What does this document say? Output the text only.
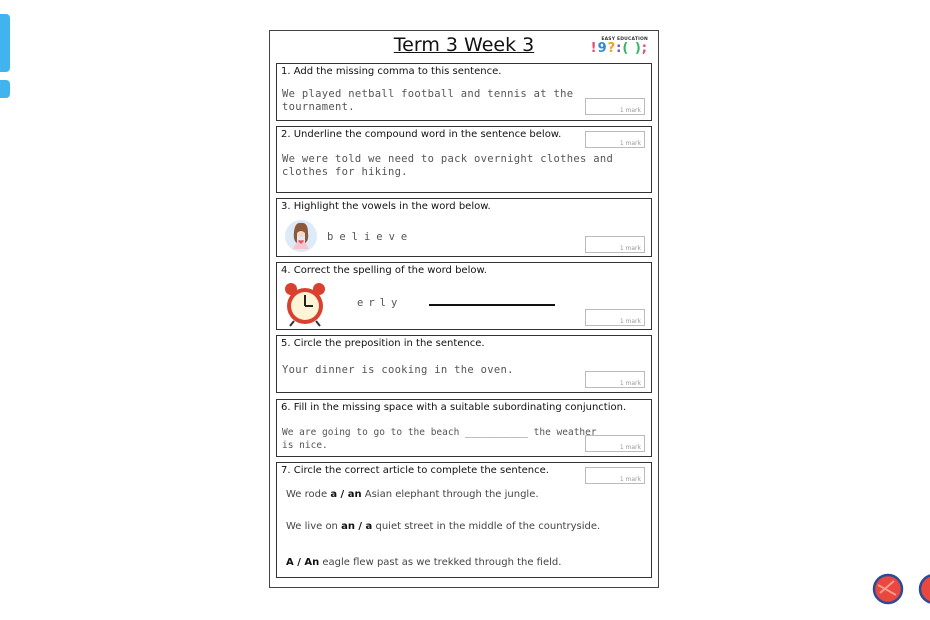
Term 3 Week 3	EASY EDUCATION
!9?:( );
1. Add the missing comma to this sentence.
We played netball football and tennis at the
tournament.	1 mark
2. Underline the compound word in the sentence below.
1 mark
We were told we need to pack overnight clothes and
clothes for hiking.
3. Highlight the vowels in the word below.
believe
1 mark
4. Correct the spelling of the word below.
erly
1 mark
5. Circle the preposition in the sentence.
Your dinner is cooking in the oven.
1 mark
6. Fill in the missing space with a suitable subordinating conjunction.
We are going to go to the beach ___________ the weather
is nice.	1 mark
7. Circle the correct article to complete the sentence.
1 mark
We rode a / an Asian elephant through the jungle.
We live on an / a quiet street in the middle of the countryside.
A / An eagle flew past as we trekked through the field.
